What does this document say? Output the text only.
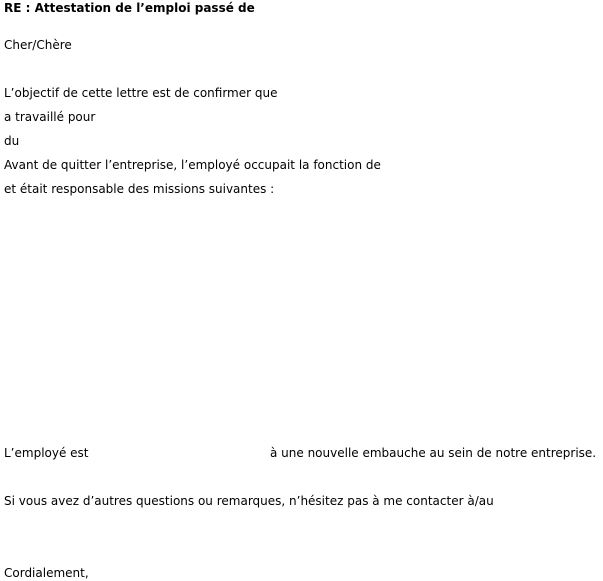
RE : Attestation de l’emploi passé de
Cher/Chère
L’objectif de cette lettre est de confirmer que
a travaillé pour
du
Avant de quitter l’entreprise, l’employé occupait la fonction de
et était responsable des missions suivantes :
L’employé est	à une nouvelle embauche au sein de notre entreprise.
Si vous avez d’autres questions ou remarques, n’hésitez pas à me contacter à/au
Cordialement,
